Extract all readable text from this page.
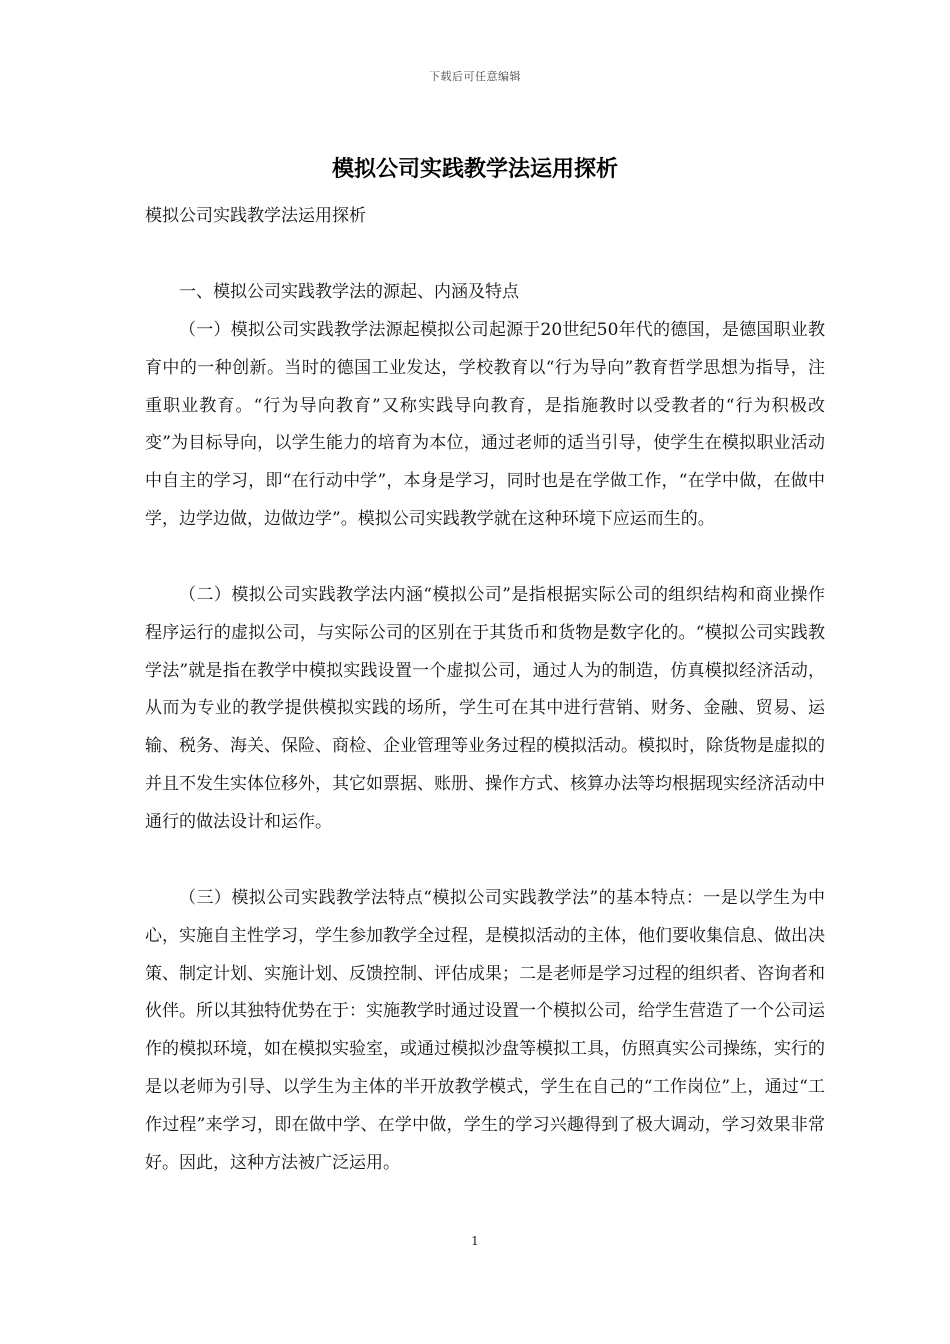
下载后可任意编辑
模拟公司实践教学法运用探析

模拟公司实践教学法运用探析

一、模拟公司实践教学法的源起、内涵及特点

（一）模拟公司实践教学法源起模拟公司起源于20世纪50年代的德国，是德国职业教育中的一种创新。当时的德国工业发达，学校教育以“行为导向”教育哲学思想为指导，注重职业教育。“行为导向教育”又称实践导向教育，是指施教时以受教者的“行为积极改变”为目标导向，以学生能力的培育为本位，通过老师的适当引导，使学生在模拟职业活动中自主的学习，即“在行动中学”，本身是学习，同时也是在学做工作，“在学中做，在做中学，边学边做，边做边学”。模拟公司实践教学就在这种环境下应运而生的。

（二）模拟公司实践教学法内涵“模拟公司”是指根据实际公司的组织结构和商业操作程序运行的虚拟公司，与实际公司的区别在于其货币和货物是数字化的。“模拟公司实践教学法”就是指在教学中模拟实践设置一个虚拟公司，通过人为的制造，仿真模拟经济活动，从而为专业的教学提供模拟实践的场所，学生可在其中进行营销、财务、金融、贸易、运输、税务、海关、保险、商检、企业管理等业务过程的模拟活动。模拟时，除货物是虚拟的并且不发生实体位移外，其它如票据、账册、操作方式、核算办法等均根据现实经济活动中通行的做法设计和运作。

（三）模拟公司实践教学法特点“模拟公司实践教学法”的基本特点：一是以学生为中心，实施自主性学习，学生参加教学全过程，是模拟活动的主体，他们要收集信息、做出决策、制定计划、实施计划、反馈控制、评估成果；二是老师是学习过程的组织者、咨询者和伙伴。所以其独特优势在于：实施教学时通过设置一个模拟公司，给学生营造了一个公司运作的模拟环境，如在模拟实验室，或通过模拟沙盘等模拟工具，仿照真实公司操练，实行的是以老师为引导、以学生为主体的半开放教学模式，学生在自己的“工作岗位”上，通过“工作过程”来学习，即在做中学、在学中做，学生的学习兴趣得到了极大调动，学习效果非常好。因此，这种方法被广泛运用。

1
